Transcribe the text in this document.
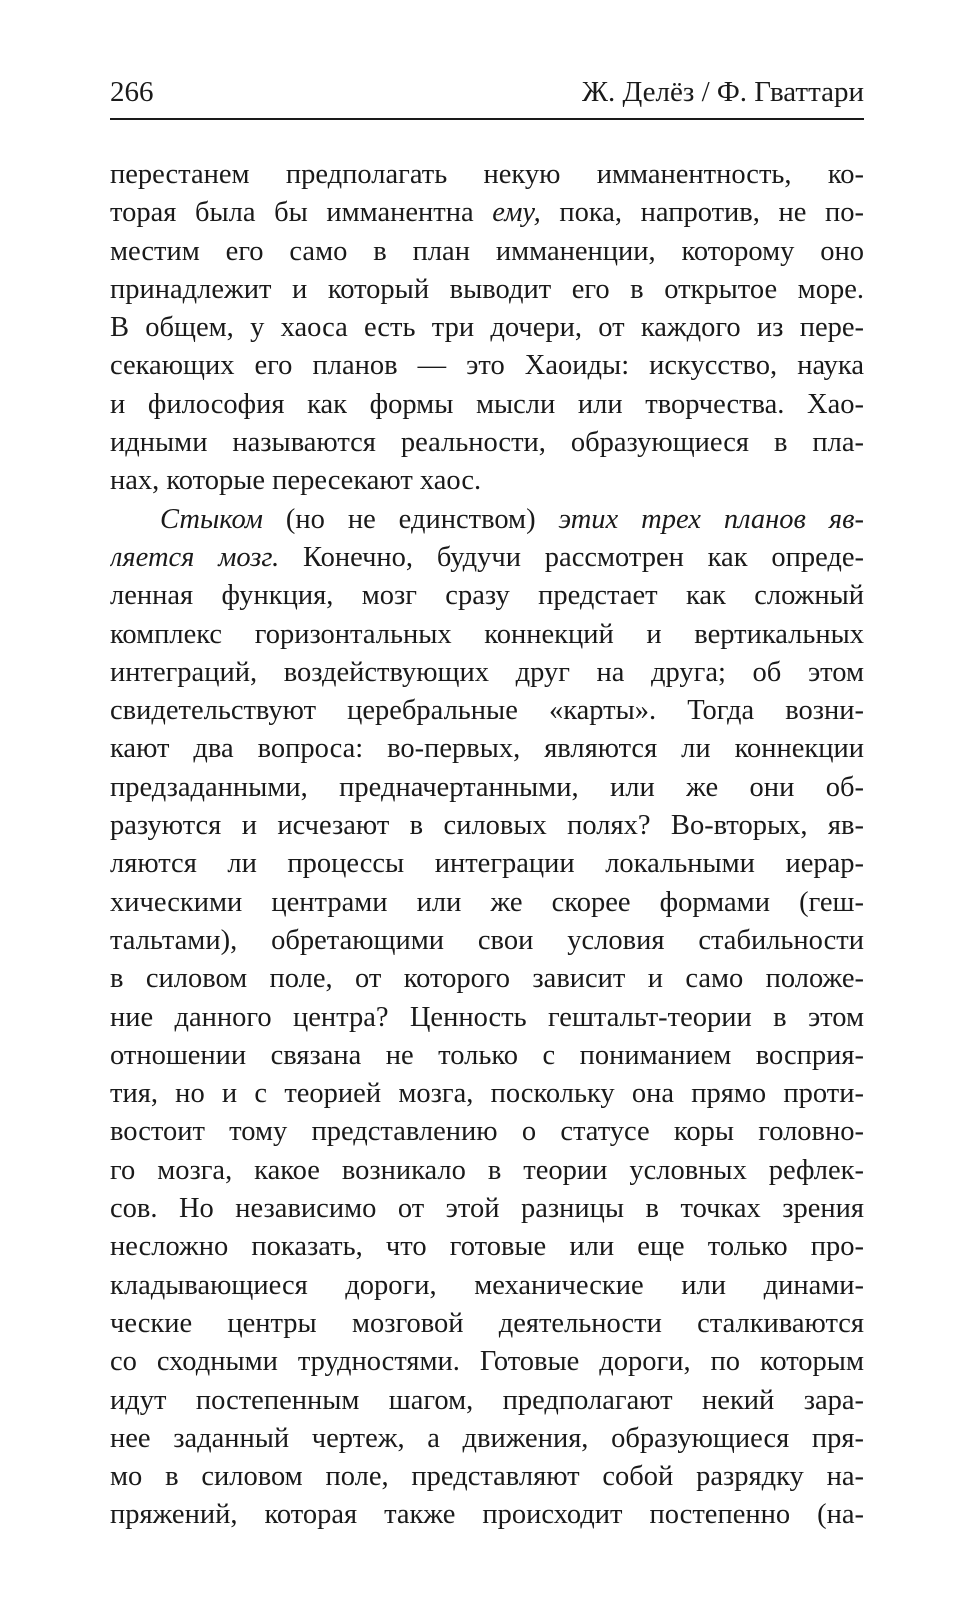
266	Ж. Делёз / Ф. Гваттари
перестанем предполагать некую имманентность, ко-
торая была бы имманентна ему, пока, напротив, не по-
местим его само в план имманенции, которому оно
принадлежит и который выводит его в открытое море.
В общем, у хаоса есть три дочери, от каждого из пере-
секающих его планов — это Хаоиды: искусство, наука
и философия как формы мысли или творчества. Хао-
идными называются реальности, образующиеся в пла-
нах, которые пересекают хаос.
Стыком (но не единством) этих трех планов яв-
ляется мозг. Конечно, будучи рассмотрен как опреде-
ленная функция, мозг сразу предстает как сложный
комплекс горизонтальных коннекций и вертикальных
интеграций, воздействующих друг на друга; об этом
свидетельствуют церебральные «карты». Тогда возни-
кают два вопроса: во-первых, являются ли коннекции
предзаданными, предначертанными, или же они об-
разуются и исчезают в силовых полях? Во-вторых, яв-
ляются ли процессы интеграции локальными иерар-
хическими центрами или же скорее формами (геш-
тальтами), обретающими свои условия стабильности
в силовом поле, от которого зависит и само положе-
ние данного центра? Ценность гештальт-теории в этом
отношении связана не только с пониманием восприя-
тия, но и с теорией мозга, поскольку она прямо проти-
востоит тому представлению о статусе коры головно-
го мозга, какое возникало в теории условных рефлек-
сов. Но независимо от этой разницы в точках зрения
несложно показать, что готовые или еще только про-
кладывающиеся дороги, механические или динами-
ческие центры мозговой деятельности сталкиваются
со сходными трудностями. Готовые дороги, по которым
идут постепенным шагом, предполагают некий зара-
нее заданный чертеж, а движения, образующиеся пря-
мо в силовом поле, представляют собой разрядку на-
пряжений, которая также происходит постепенно (на-
